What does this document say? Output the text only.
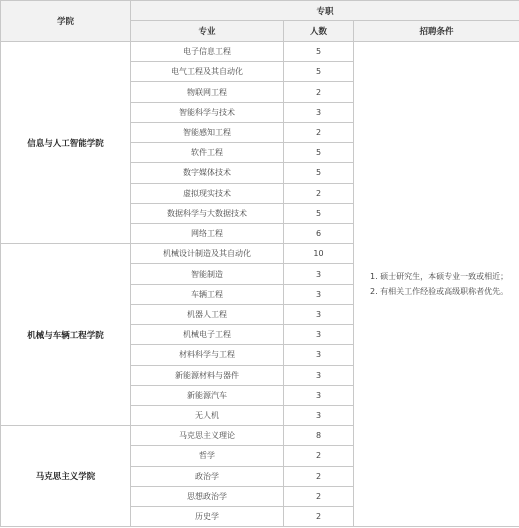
学院	专职		
	专业	人数	招聘条件
信息与人工智能学院	电子信息工程	5	1. 硕士研究生，本硕专业一致或相近；
2. 有相关工作经验或高级职称者优先。

	电气工程及其自动化	5	
	物联网工程	2	
	智能科学与技术	3	
	智能感知工程	2	
	软件工程	5	
	数字媒体技术	5	
	虚拟现实技术	2	
	数据科学与大数据技术	5	
	网络工程	6	
机械与车辆工程学院	机械设计制造及其自动化	10	
	智能制造	3	
	车辆工程	3	
	机器人工程	3	
	机械电子工程	3	
	材料科学与工程	3	
	新能源材料与器件	3	
	新能源汽车	3	
	无人机	3	
马克思主义学院	马克思主义理论	8	
	哲学	2	
	政治学	2	
	思想政治学	2	
	历史学	2	
